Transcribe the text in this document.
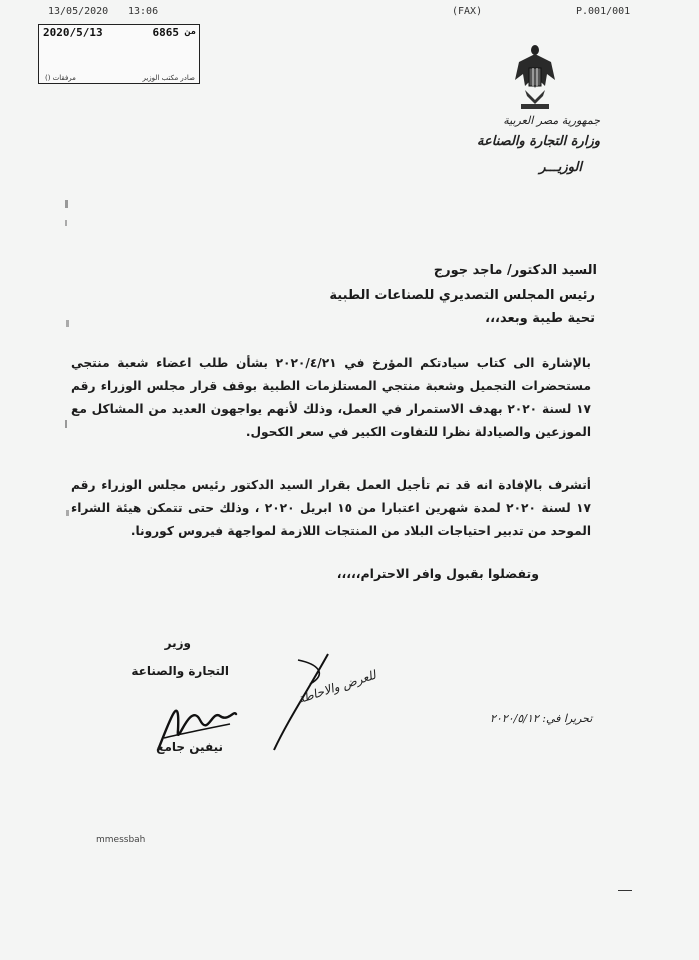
13/05/2020 13:06	(FAX)	P.001/001
2020/5/13	6865 من
صادر مكتب الوزير
مرفقات ()
جمهورية مصر العربية
وزارة التجارة والصناعة
الوزيـــر
السيد الدكتور/ ماجد جورج
رئيس المجلس التصديري للصناعات الطبية
تحية طيبة وبعد،،،
بالإشارة الى كتاب سيادتكم المؤرخ في ٢٠٢٠/٤/٢١ بشأن طلب اعضاء شعبة منتجي مستحضرات التجميل وشعبة منتجي المستلزمات الطبية بوقف قرار مجلس الوزراء رقم ١٧ لسنة ٢٠٢٠ بهدف الاستمرار في العمل، وذلك لأنهم يواجهون العديد من المشاكل مع الموزعين والصيادلة نظرا للتفاوت الكبير في سعر الكحول.
أتشرف بالإفادة انه قد تم تأجيل العمل بقرار السيد الدكتور رئيس مجلس الوزراء رقم ١٧ لسنة ٢٠٢٠ لمدة شهرين اعتبارا من ١٥ ابريل ٢٠٢٠ ، وذلك حتى تتمكن هيئة الشراء الموحد من تدبير احتياجات البلاد من المنتجات اللازمة لمواجهة فيروس كورونا.
وتفضلوا بقبول وافر الاحترام،،،،،
وزير
التجارة والصناعة
نيفين جامع
للعرض والاحاطة
تحريرا في: ٢٠٢٠/٥/١٢
mmessbah
